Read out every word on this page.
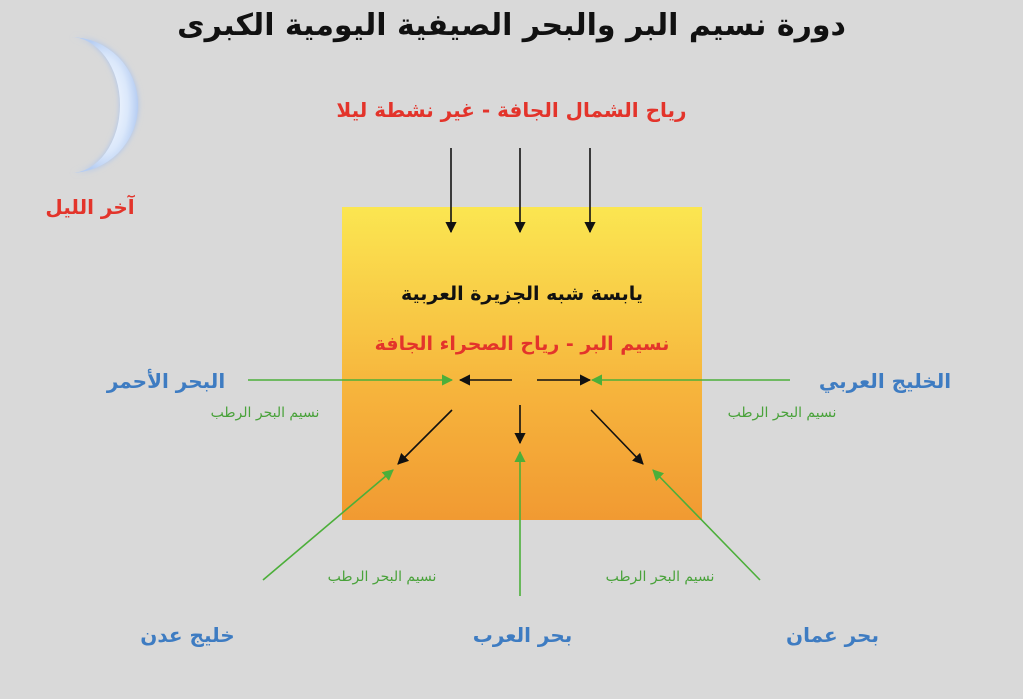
دورة نسيم البر والبحر الصيفية اليومية الكبرى
رياح الشمال الجافة - غير نشطة ليلا
آخر الليل
يابسة شبه الجزيرة العربية
نسيم البر - رياح الصحراء الجافة
البحر الأحمر	الخليج العربي
خليج عدن	بحر العرب	بحر عمان
نسيم البحر الرطب	نسيم البحر الرطب
نسيم البحر الرطب	نسيم البحر الرطب
